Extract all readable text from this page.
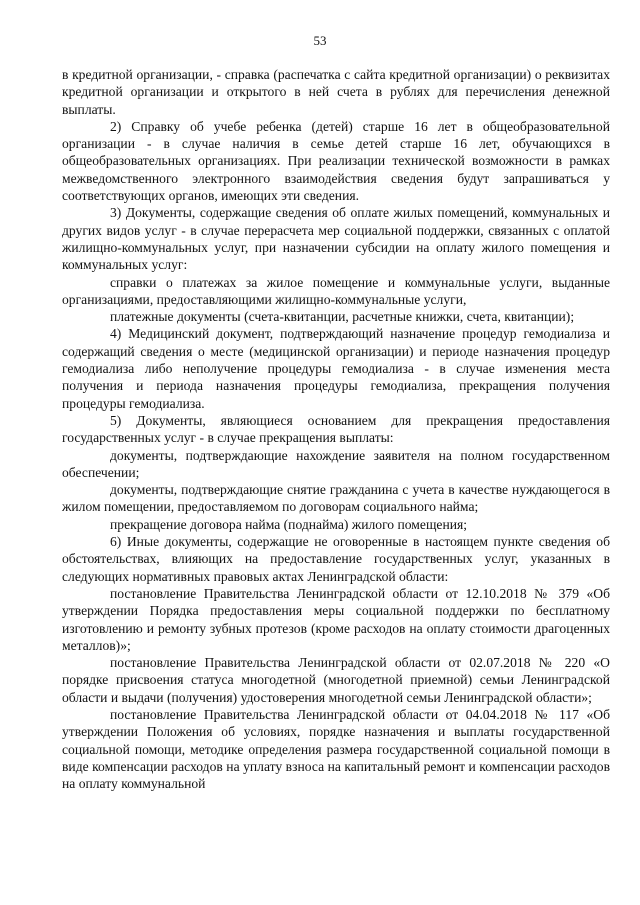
53

в кредитной организации, - справка (распечатка с сайта кредитной организации) о реквизитах кредитной организации и открытого в ней счета в рублях для перечисления денежной выплаты.

2) Справку об учебе ребенка (детей) старше 16 лет в общеобразовательной организации - в случае наличия в семье детей старше 16 лет, обучающихся в общеобразовательных организациях. При реализации технической возможности в рамках межведомственного электронного взаимодействия сведения будут запрашиваться у соответствующих органов, имеющих эти сведения.

3) Документы, содержащие сведения об оплате жилых помещений, коммунальных и других видов услуг - в случае перерасчета мер социальной поддержки, связанных с оплатой жилищно-коммунальных услуг, при назначении субсидии на оплату жилого помещения и коммунальных услуг:

справки о платежах за жилое помещение и коммунальные услуги, выданные организациями, предоставляющими жилищно-коммунальные услуги,

платежные документы (счета-квитанции, расчетные книжки, счета, квитанции);

4) Медицинский документ, подтверждающий назначение процедур гемодиализа и содержащий сведения о месте (медицинской организации) и периоде назначения процедур гемодиализа либо неполучение процедуры гемодиализа - в случае изменения места получения и периода назначения процедуры гемодиализа, прекращения получения процедуры гемодиализа.

5) Документы, являющиеся основанием для прекращения предоставления государственных услуг - в случае прекращения выплаты:

документы, подтверждающие нахождение заявителя на полном государственном обеспечении;

документы, подтверждающие снятие гражданина с учета в качестве нуждающегося в жилом помещении, предоставляемом по договорам социального найма;

прекращение договора найма (поднайма) жилого помещения;

6) Иные документы, содержащие не оговоренные в настоящем пункте сведения об обстоятельствах, влияющих на предоставление государственных услуг, указанных в следующих нормативных правовых актах Ленинградской области:

постановление Правительства Ленинградской области от 12.10.2018 № 379 «Об утверждении Порядка предоставления меры социальной поддержки по бесплатному изготовлению и ремонту зубных протезов (кроме расходов на оплату стоимости драгоценных металлов)»;

постановление Правительства Ленинградской области от 02.07.2018 № 220 «О порядке присвоения статуса многодетной (многодетной приемной) семьи Ленинградской области и выдачи (получения) удостоверения многодетной семьи Ленинградской области»;

постановление Правительства Ленинградской области от 04.04.2018 № 117 «Об утверждении Положения об условиях, порядке назначения и выплаты государственной социальной помощи, методике определения размера государственной социальной помощи в виде компенсации расходов на уплату взноса на капитальный ремонт и компенсации расходов на оплату коммунальной
